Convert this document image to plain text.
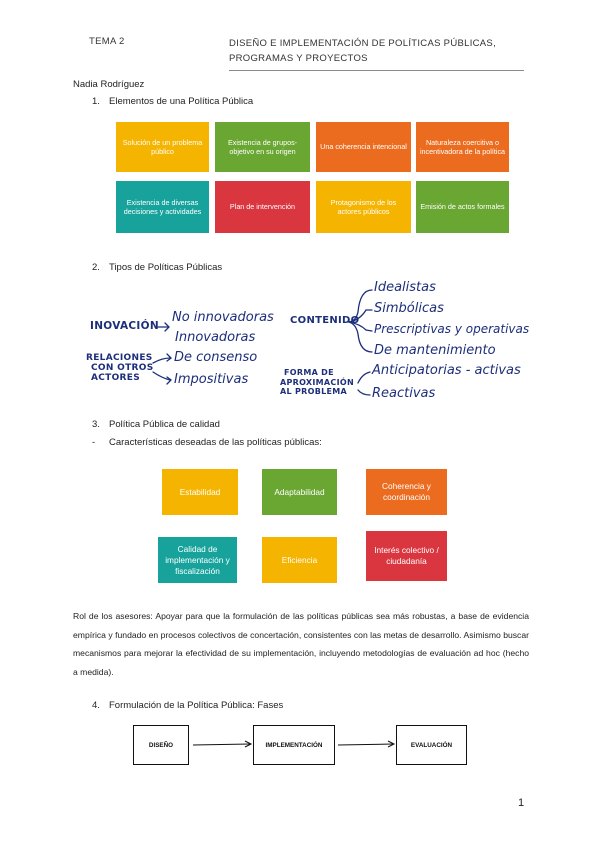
TEMA 2	DISEÑO E IMPLEMENTACIÓN DE POLÍTICAS PÚBLICAS,
PROGRAMAS Y PROYECTOS
Nadia Rodríguez
1. Elementos de una Política Pública
Solución de un problema público
Existencia de grupos-objetivo en su origen
Una coherencia intencional
Naturaleza coercitiva o incentivadora de la política
Existencia de diversas decisiones y actividades
Plan de intervención
Protagonismo de los actores públicos
Emisión de actos formales
2. Tipos de Políticas Públicas
INOVACIÓN
No innovadoras
Innovadoras
RELACIONES
CON OTROS
ACTORES
De consenso
Impositivas
CONTENIDO
Idealistas
Simbólicas
Prescriptivas y operativas
De mantenimiento
FORMA DE
APROXIMACIÓN
AL PROBLEMA
Anticipatorias - activas
Reactivas
3. Política Pública de calidad
- Características deseadas de las políticas públicas:
Estabilidad	Adaptabilidad
Coherencia y coordinación
Calidad de implementación y fiscalización
Eficiencia
Interés colectivo / ciudadanía
Rol de los asesores: Apoyar para que la formulación de las políticas públicas sea más robustas, a base de evidencia empírica y fundado en procesos colectivos de concertación, consistentes con las metas de desarrollo. Asimismo buscar mecanismos para mejorar la efectividad de su implementación, incluyendo metodologías de evaluación ad hoc (hecho a medida).
4. Formulación de la Política Pública: Fases
DISEÑO	IMPLEMENTACIÓN	EVALUACIÓN
1
